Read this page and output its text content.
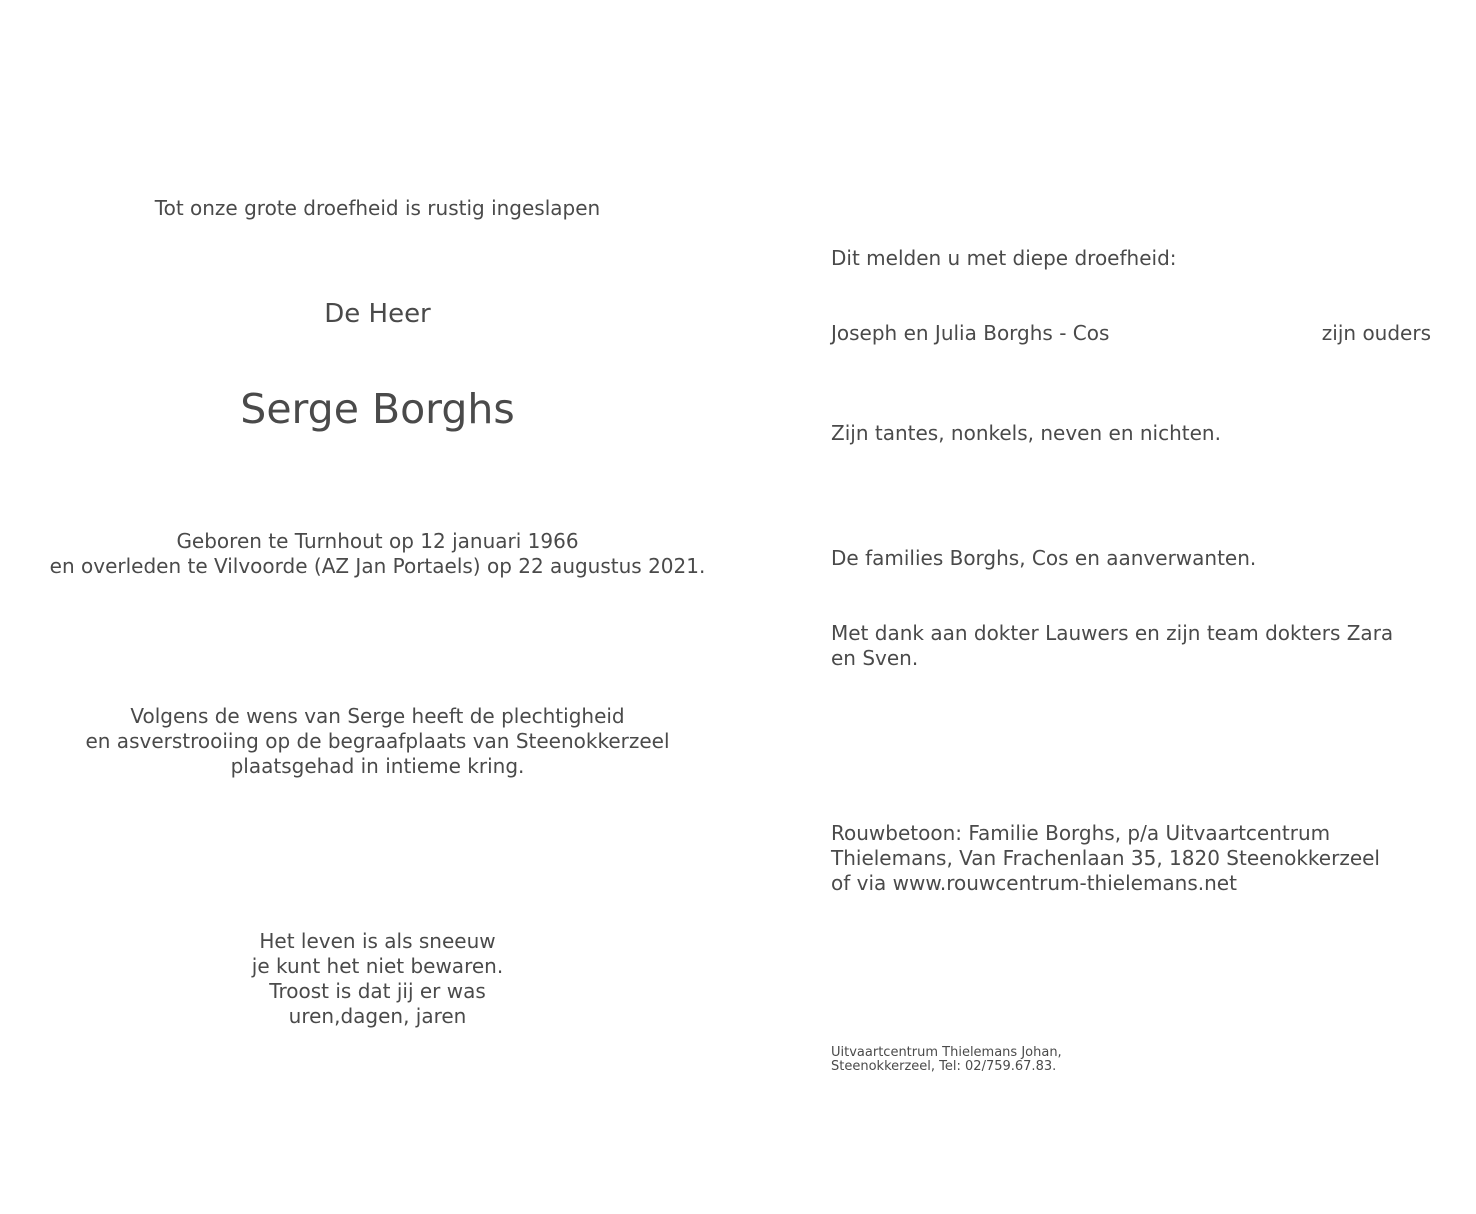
Tot onze grote droefheid is rustig ingeslapen
De Heer
Serge Borghs
Geboren te Turnhout op 12 januari 1966
en overleden te Vilvoorde (AZ Jan Portaels) op 22 augustus 2021.
Volgens de wens van Serge heeft de plechtigheid
en asverstrooiing op de begraafplaats van Steenokkerzeel
plaatsgehad in intieme kring.
Het leven is als sneeuw
je kunt het niet bewaren.
Troost is dat jij er was
uren,dagen, jaren
Dit melden u met diepe droefheid:
Joseph en Julia Borghs - Cos	zijn ouders
Zijn tantes, nonkels, neven en nichten.
De families Borghs, Cos en aanverwanten.
Met dank aan dokter Lauwers en zijn team dokters Zara en Sven.
Rouwbetoon: Familie Borghs, p/a Uitvaartcentrum
Thielemans, Van Frachenlaan 35, 1820 Steenokkerzeel
of via www.rouwcentrum-thielemans.net
Uitvaartcentrum Thielemans Johan,
Steenokkerzeel, Tel: 02/759.67.83.
